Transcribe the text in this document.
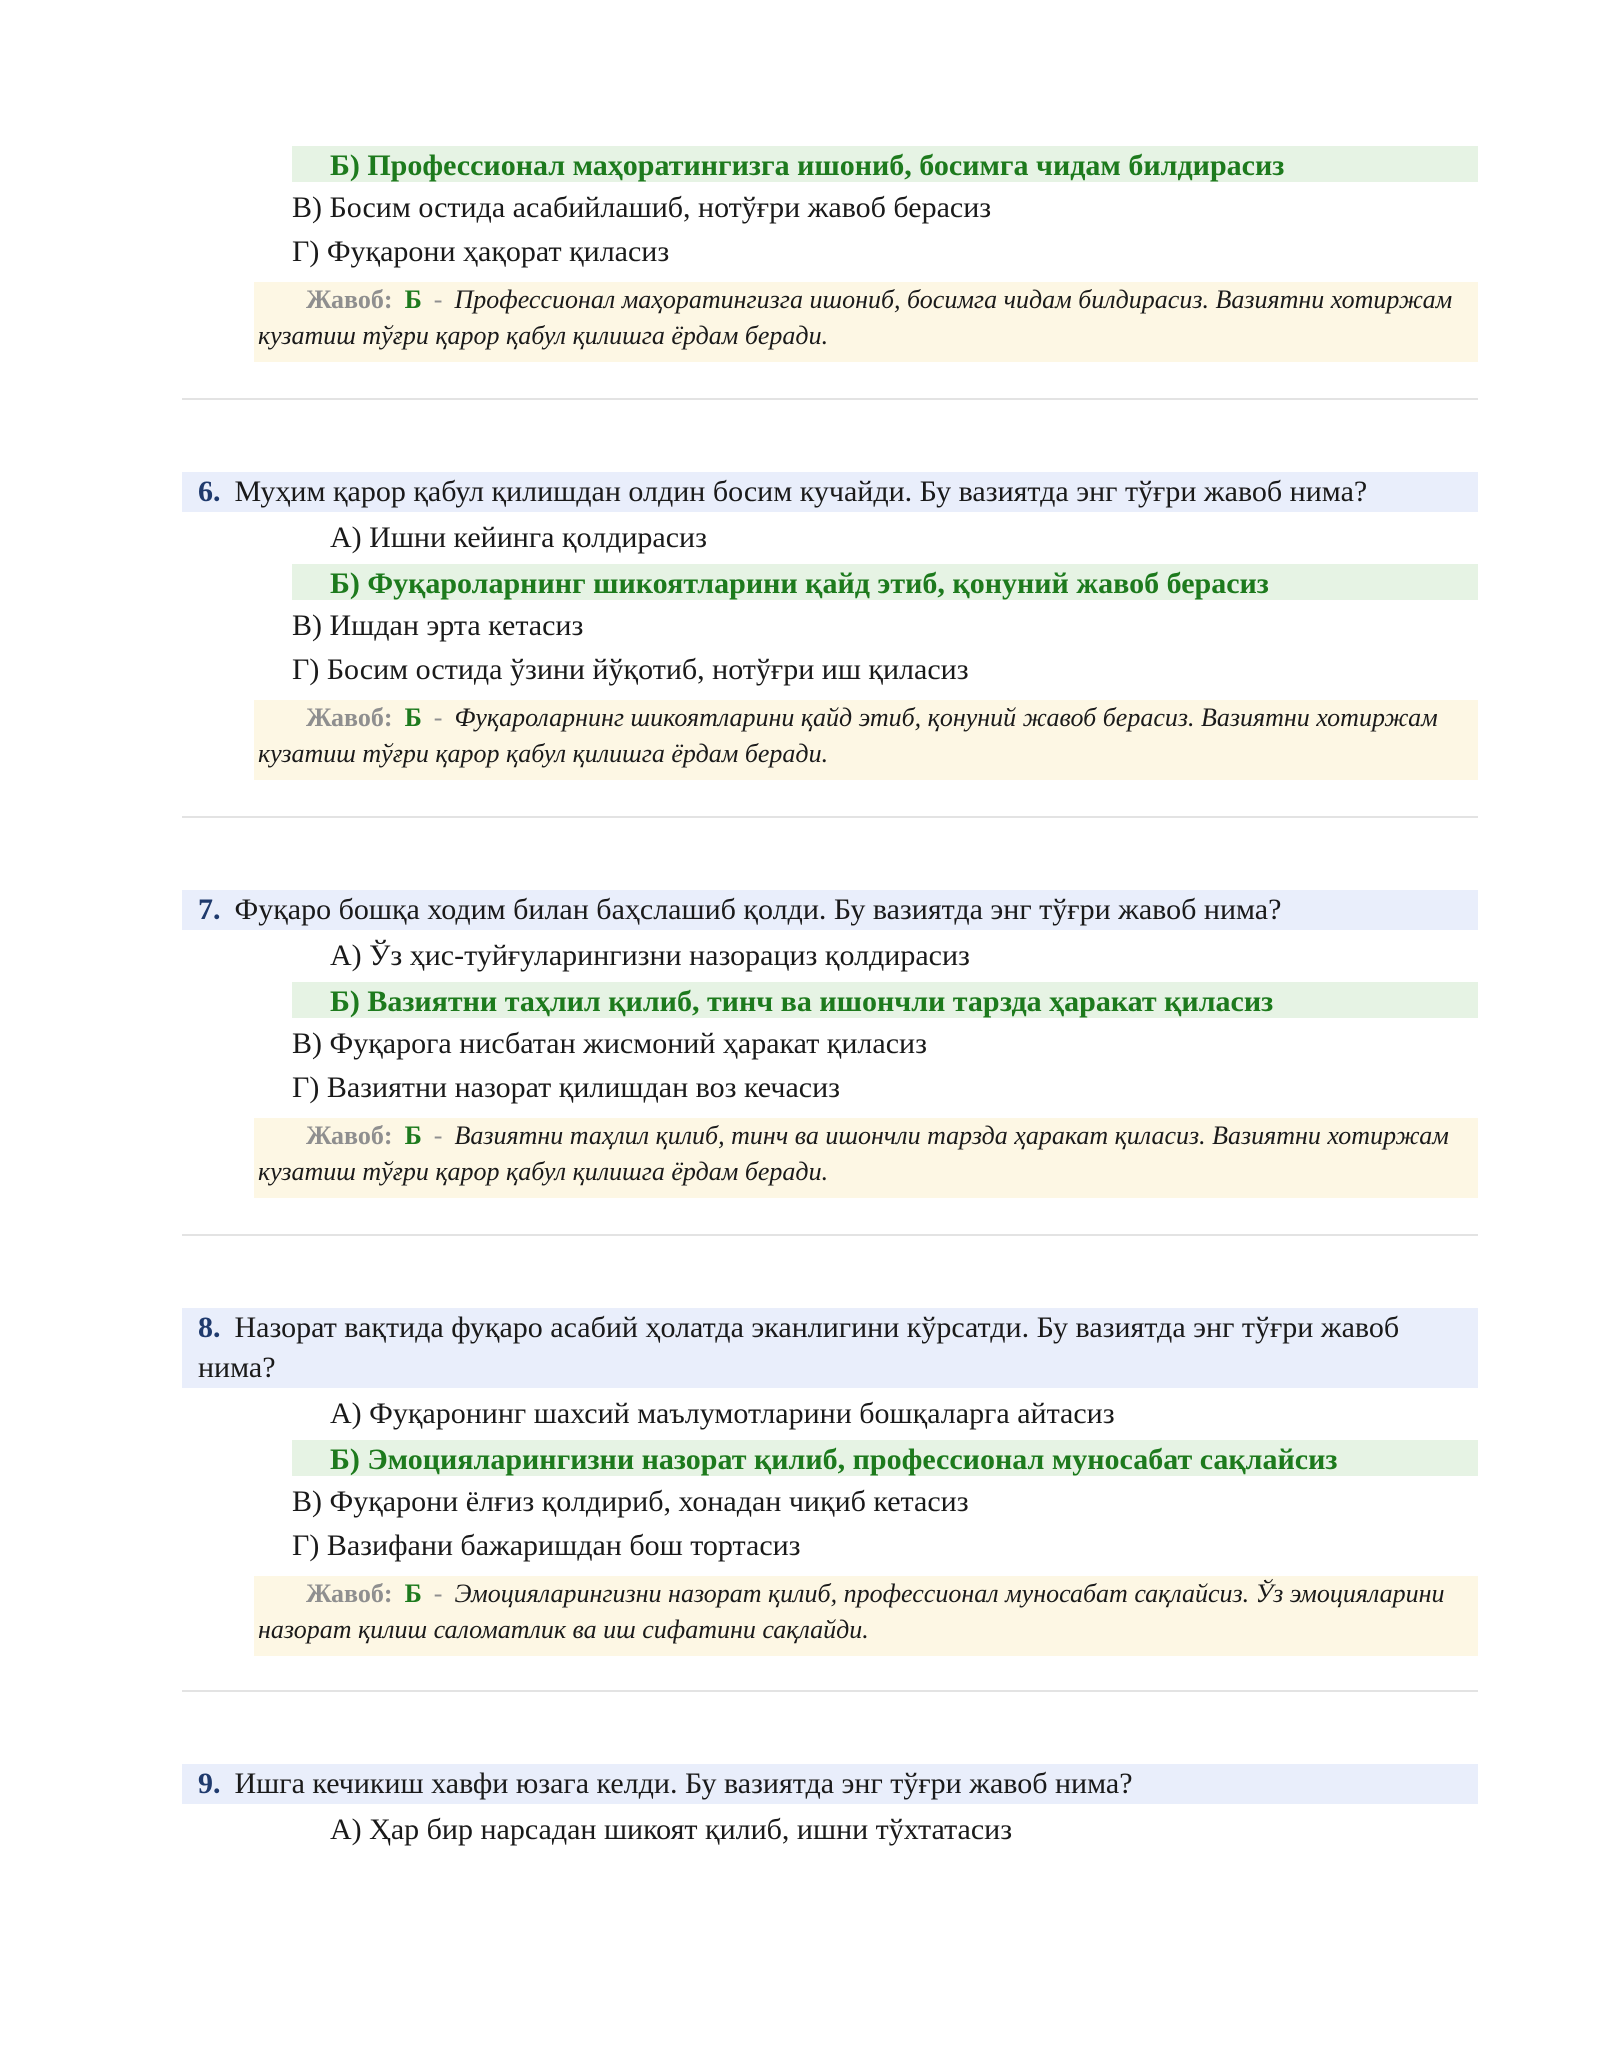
Б) Профессионал маҳоратингизга ишониб, босимга чидам билдирасиз
В) Босим остида асабийлашиб, нотўғри жавоб берасиз
Г) Фуқарони ҳақорат қиласиз
Жавоб: Б - Профессионал маҳоратингизга ишониб, босимга чидам билдирасиз. Вазиятни хотиржам кузатиш тўғри қарор қабул қилишга ёрдам беради.
6. Муҳим қарор қабул қилишдан олдин босим кучайди. Бу вазиятда энг тўғри жавоб нима?
А) Ишни кейинга қолдирасиз
Б) Фуқароларнинг шикоятларини қайд этиб, қонуний жавоб берасиз
В) Ишдан эрта кетасиз
Г) Босим остида ўзини йўқотиб, нотўғри иш қиласиз
Жавоб: Б - Фуқароларнинг шикоятларини қайд этиб, қонуний жавоб берасиз. Вазиятни хотиржам кузатиш тўғри қарор қабул қилишга ёрдам беради.
7. Фуқаро бошқа ходим билан баҳслашиб қолди. Бу вазиятда энг тўғри жавоб нима?
А) Ўз ҳис-туйғуларингизни назорациз қолдирасиз
Б) Вазиятни таҳлил қилиб, тинч ва ишончли тарзда ҳаракат қиласиз
В) Фуқарога нисбатан жисмоний ҳаракат қиласиз
Г) Вазиятни назорат қилишдан воз кечасиз
Жавоб: Б - Вазиятни таҳлил қилиб, тинч ва ишончли тарзда ҳаракат қиласиз. Вазиятни хотиржам кузатиш тўғри қарор қабул қилишга ёрдам беради.
8. Назорат вақтида фуқаро асабий ҳолатда эканлигини кўрсатди. Бу вазиятда энг тўғри жавоб нима?
А) Фуқаронинг шахсий маълумотларини бошқаларга айтасиз
Б) Эмоцияларингизни назорат қилиб, профессионал муносабат сақлайсиз
В) Фуқарони ёлғиз қолдириб, хонадан чиқиб кетасиз
Г) Вазифани бажаришдан бош тортасиз
Жавоб: Б - Эмоцияларингизни назорат қилиб, профессионал муносабат сақлайсиз. Ўз эмоцияларини назорат қилиш саломатлик ва иш сифатини сақлайди.
9. Ишга кечикиш хавфи юзага келди. Бу вазиятда энг тўғри жавоб нима?
А) Ҳар бир нарсадан шикоят қилиб, ишни тўхтатасиз
